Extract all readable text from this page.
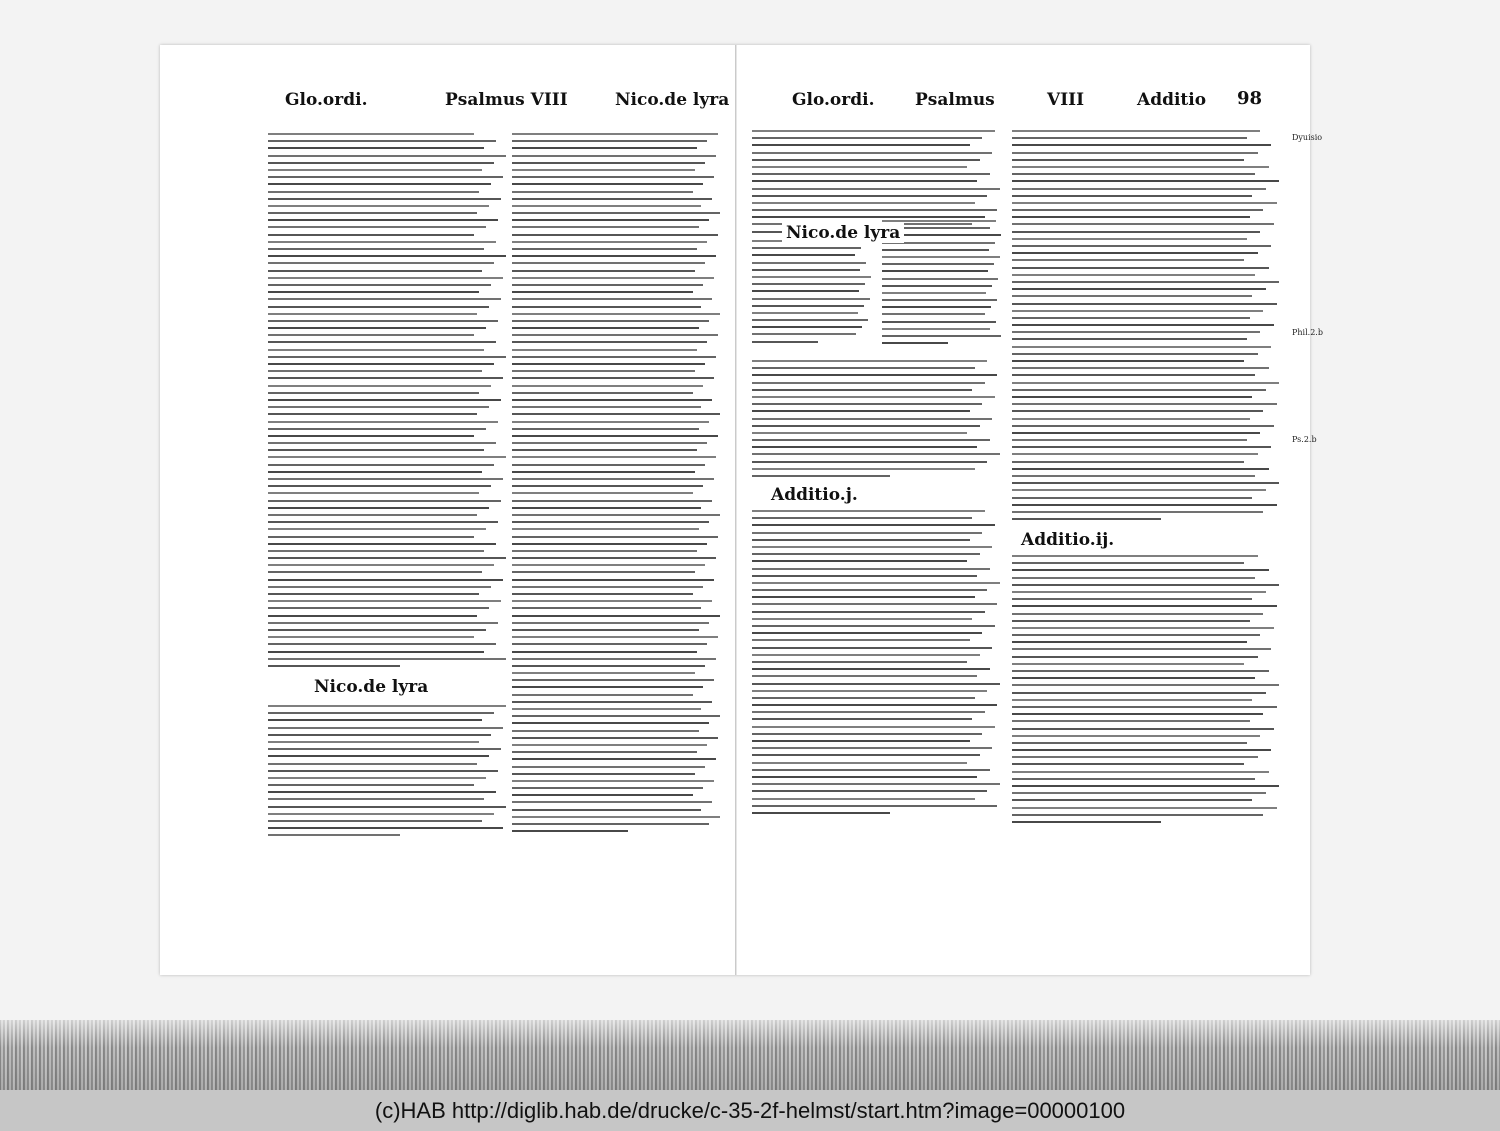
Glo.ordi.	Psalmus VIII	Nico.de lyra
Nico.de lyra
Glo.ordi. Psalmus	VIII	Additio 98
Nico.de lyra
Additio.j.
Additio.ij.
Dyuisio
Phil.2.b
Ps.2.b
(c)HAB http://diglib.hab.de/drucke/c-35-2f-helmst/start.htm?image=00000100
